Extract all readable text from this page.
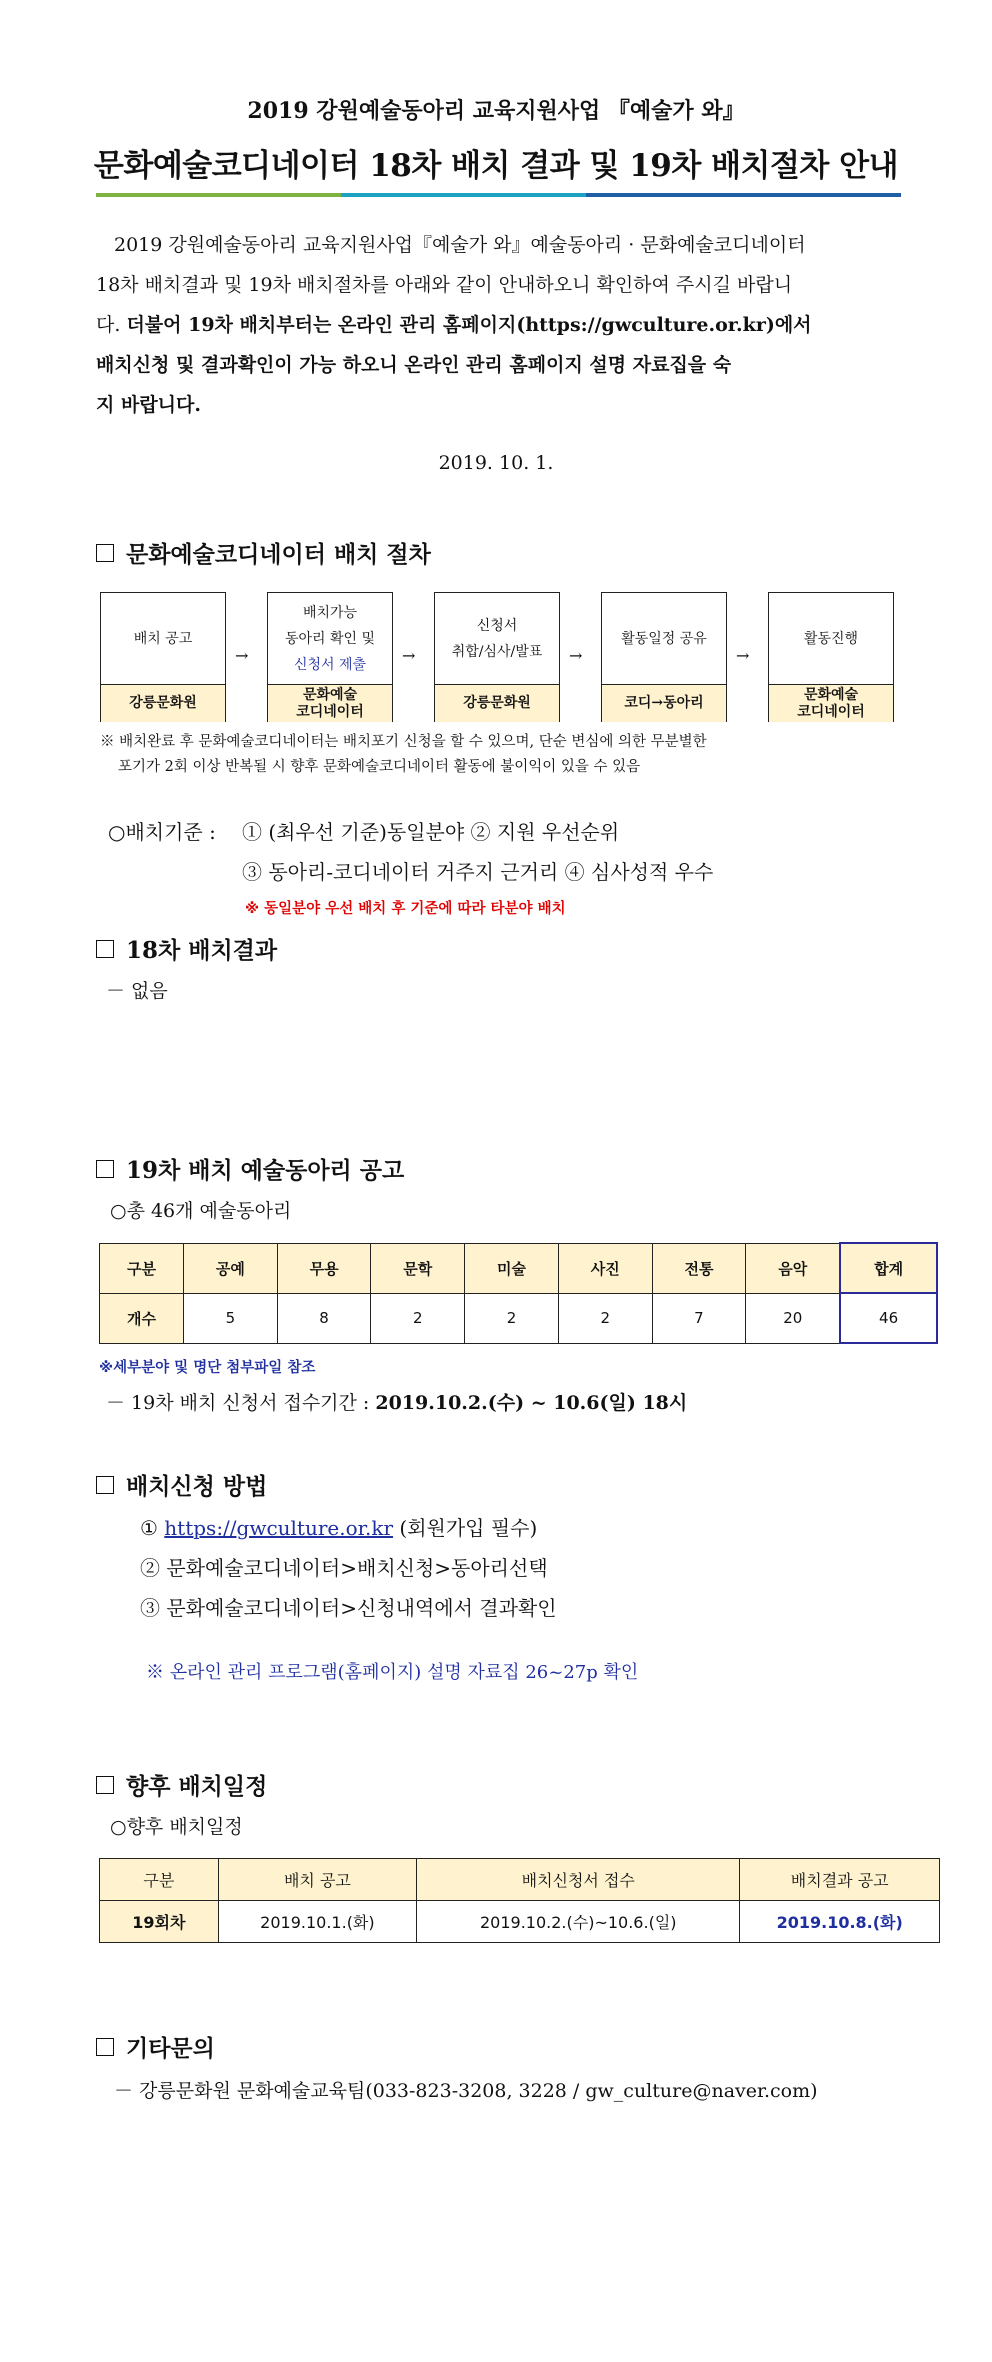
2019 강원예술동아리 교육지원사업 『예술가 와』
문화예술코디네이터 18차 배치 결과 및 19차 배치절차 안내

2019 강원예술동아리 교육지원사업『예술가 와』예술동아리 · 문화예술코디네이터

18차 배치결과 및 19차 배치절차를 아래와 같이 안내하오니 확인하여 주시길 바랍니

다. 더불어 19차 배치부터는 온라인 관리 홈페이지(https://gwculture.or.kr)에서

배치신청 및 결과확인이 가능 하오니 온라인 관리 홈페이지 설명 자료집을 숙

지 바랍니다.

2019. 10. 1.
문화예술코디네이터 배치 절차
배치 공고
강릉문화원
→
배치가능
동아리 확인 및
신청서 제출
문화예술
코디네이터
→
신청서
취합/심사/발표
강릉문화원
→
활동일정 공유
코디→동아리
→
활동진행
문화예술
코디네이터
※ 배치완료 후 문화예술코디네이터는 배치포기 신청을 할 수 있으며, 단순 변심에 의한 무분별한
포기가 2회 이상 반복될 시 향후 문화예술코디네이터 활동에 불이익이 있을 수 있음
○배치기준 : ① (최우선 기준)동일분야 ② 지원 우선순위
③ 동아리-코디네이터 거주지 근거리 ④ 심사성적 우수
※ 동일분야 우선 배치 후 기준에 따라 타분야 배치
18차 배치결과
－ 없음
19차 배치 예술동아리 공고
○총 46개 예술동아리
구분	공예	무용	문학	미술	사진	전통	음악	합계
개수	5	8	2	2	2	7	20	46
※세부분야 및 명단 첨부파일 참조
－ 19차 배치 신청서 접수기간 : 2019.10.2.(수) ~ 10.6(일) 18시
배치신청 방법
① https://gwculture.or.kr (회원가입 필수)
② 문화예술코디네이터>배치신청>동아리선택
③ 문화예술코디네이터>신청내역에서 결과확인
※ 온라인 관리 프로그램(홈페이지) 설명 자료집 26~27p 확인
향후 배치일정
○향후 배치일정
구분	배치 공고	배치신청서 접수	배치결과 공고
19회차	2019.10.1.(화)	2019.10.2.(수)~10.6.(일)	2019.10.8.(화)
기타문의
－ 강릉문화원 문화예술교육팀(033-823-3208, 3228 / gw_culture@naver.com)
